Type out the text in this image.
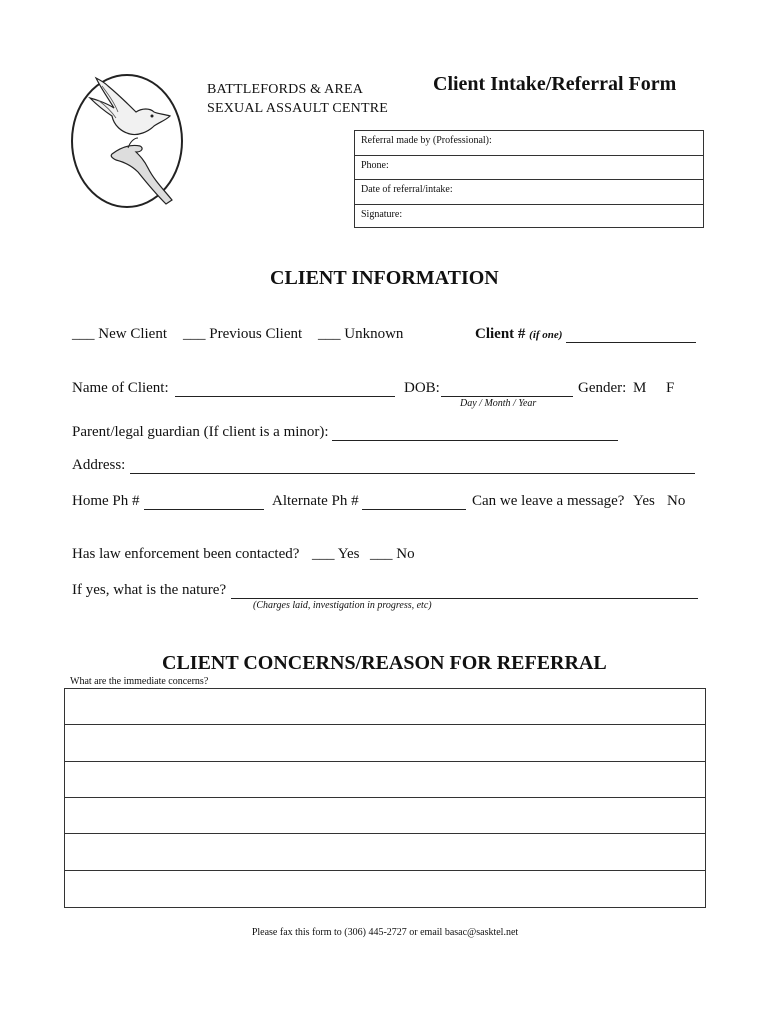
BATTLEFORDS & AREA
SEXUAL ASSAULT CENTRE
Client Intake/Referral Form
Referral made by (Professional):
Phone:
Date of referral/intake:
Signature:
CLIENT INFORMATION
___ New Client ___ Previous Client ___ Unknown	Client # (if one)
Name of Client:	DOB:	Gender: M F
Day / Month / Year
Parent/legal guardian (If client is a minor):
Address:
Home Ph #	Alternate Ph #	Can we leave a message? Yes No
Has law enforcement been contacted? ___ Yes ___ No
If yes, what is the nature?
(Charges laid, investigation in progress, etc)
CLIENT CONCERNS/REASON FOR REFERRAL
What are the immediate concerns?
Please fax this form to (306) 445-2727 or email basac@sasktel.net
